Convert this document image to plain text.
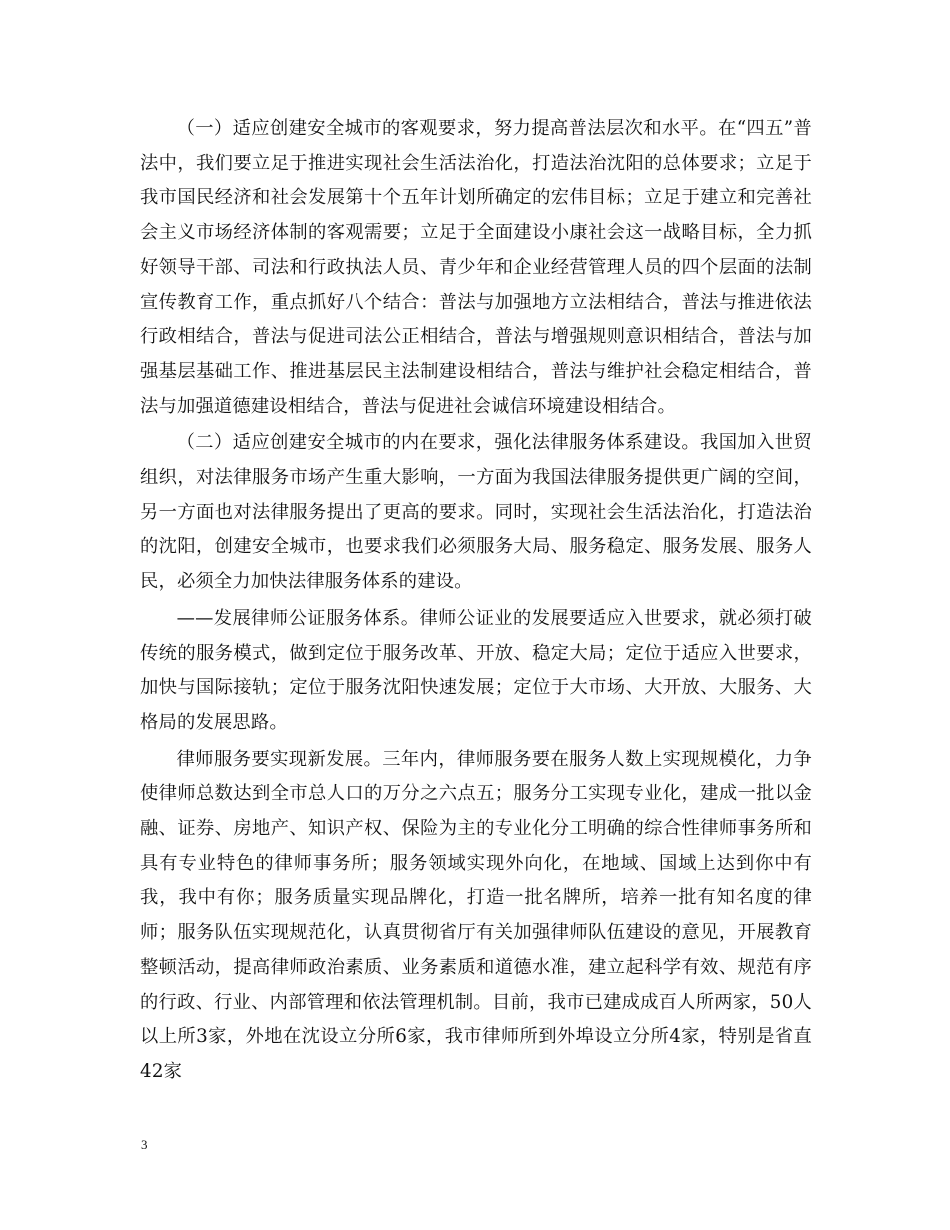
（一）适应创建安全城市的客观要求，努力提高普法层次和水平。在“四五”普法中，我们要立足于推进实现社会生活法治化，打造法治沈阳的总体要求；立足于我市国民经济和社会发展第十个五年计划所确定的宏伟目标；立足于建立和完善社会主义市场经济体制的客观需要；立足于全面建设小康社会这一战略目标，全力抓好领导干部、司法和行政执法人员、青少年和企业经营管理人员的四个层面的法制宣传教育工作，重点抓好八个结合：普法与加强地方立法相结合，普法与推进依法行政相结合，普法与促进司法公正相结合，普法与增强规则意识相结合，普法与加强基层基础工作、推进基层民主法制建设相结合，普法与维护社会稳定相结合，普法与加强道德建设相结合，普法与促进社会诚信环境建设相结合。

（二）适应创建安全城市的内在要求，强化法律服务体系建设。我国加入世贸组织，对法律服务市场产生重大影响，一方面为我国法律服务提供更广阔的空间，另一方面也对法律服务提出了更高的要求。同时，实现社会生活法治化，打造法治的沈阳，创建安全城市，也要求我们必须服务大局、服务稳定、服务发展、服务人民，必须全力加快法律服务体系的建设。

——发展律师公证服务体系。律师公证业的发展要适应入世要求，就必须打破传统的服务模式，做到定位于服务改革、开放、稳定大局；定位于适应入世要求，加快与国际接轨；定位于服务沈阳快速发展；定位于大市场、大开放、大服务、大格局的发展思路。

律师服务要实现新发展。三年内，律师服务要在服务人数上实现规模化，力争使律师总数达到全市总人口的万分之六点五；服务分工实现专业化，建成一批以金融、证券、房地产、知识产权、保险为主的专业化分工明确的综合性律师事务所和具有专业特色的律师事务所；服务领域实现外向化，在地域、国域上达到你中有我，我中有你；服务质量实现品牌化，打造一批名牌所，培养一批有知名度的律师；服务队伍实现规范化，认真贯彻省厅有关加强律师队伍建设的意见，开展教育整顿活动，提高律师政治素质、业务素质和道德水准，建立起科学有效、规范有序的行政、行业、内部管理和依法管理机制。目前，我市已建成成百人所两家，50人以上所3家，外地在沈设立分所6家，我市律师所到外埠设立分所4家，特别是省直42家

3
